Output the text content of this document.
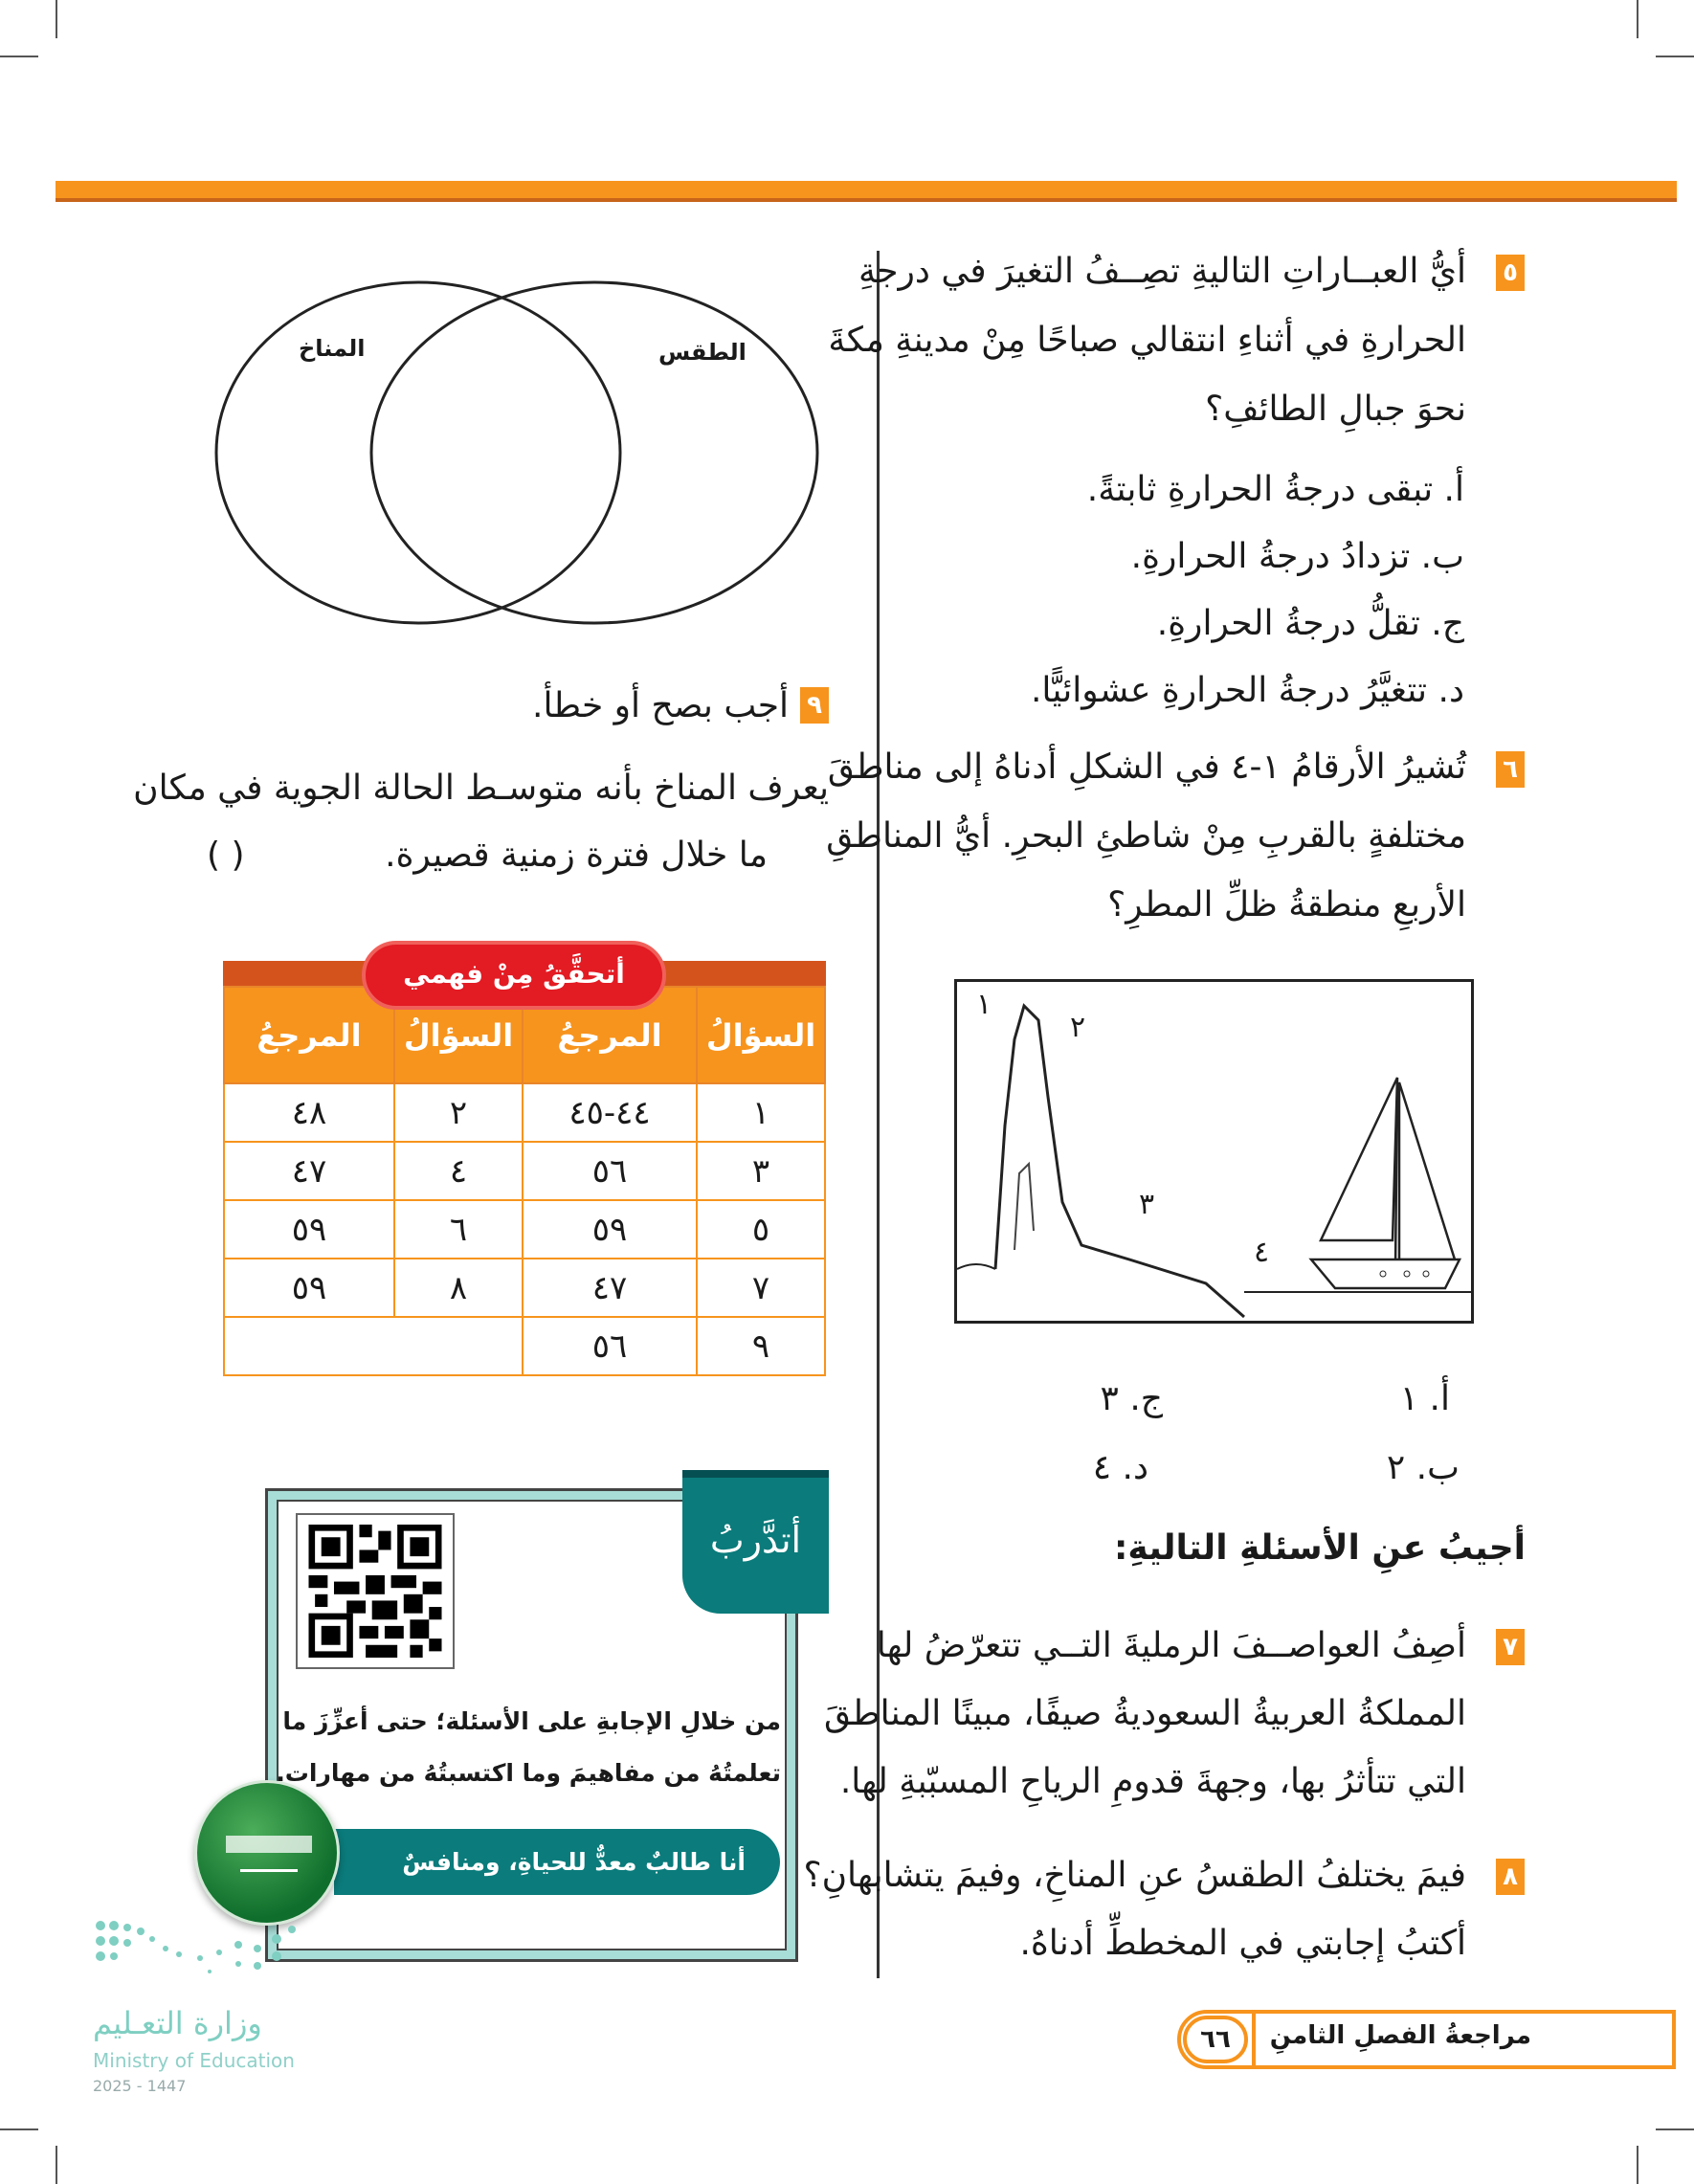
٥
أيُّ العبــاراتِ التاليةِ تصِــفُ التغيرَ في درجةِ
الحرارةِ في أثناءِ انتقالي صباحًا مِنْ مدينةِ مكةَ
نحوَ جبالِ الطائفِ؟
أ. تبقى درجةُ الحرارةِ ثابتةً.
ب. تزدادُ درجةُ الحرارةِ.
ج. تقلُّ درجةُ الحرارةِ.
د. تتغيَّرُ درجةُ الحرارةِ عشوائيًّا.
٦
تُشيرُ الأرقامُ ١-٤ في الشكلِ أدناهُ إلى مناطقَ
مختلفةٍ بالقربِ مِنْ شاطئِ البحرِ. أيُّ المناطقِ
الأربعِ منطقةُ ظلِّ المطرِ؟
١
٢
٣
٤
أ. ١
ج. ٣
ب. ٢
د. ٤
أجيبُ عنِ الأسئلةِ التاليةِ:
٧
أصِفُ العواصــفَ الرمليةَ التــي تتعرّضُ لها
المملكةُ العربيةُ السعوديةُ صيفًا، مبينًا المناطقَ
التي تتأثرُ بها، وجهةَ قدومِ الرياحِ المسبّبةِ لها.
٨
فيمَ يختلفُ الطقسُ عنِ المناخِ، وفيمَ يتشابهانِ؟
أكتبُ إجابتي في المخططِّ أدناهُ.
المناخ	الطقس
٩
أجب بصح أو خطأ.
يعرف المناخ بأنه متوسـط الحالة الجوية في مكان
ما خلال فترة زمنية قصيرة.
( )
السؤالُ	المرجعُ	السؤالُ	المرجعُ
١	٤٤-٤٥	٢	٤٨
٣	٥٦	٤	٤٧
٥	٥٩	٦	٥٩
٧	٤٧	٨	٥٩
٩	٥٦		
أتحقَّقُ مِنْ فهمي
أتدَّربُ
من خلالِ الإجابةِ على الأسئلة؛ حتى أعزِّزَ ما
تعلمتُهُ من مفاهيمَ وما اكتسبتُهُ من مهارات.
أنا طالبٌ معدٌّ للحياةِ، ومنافسٌ عالميًّا.
وزارة التعـليم
Ministry of Education
2025 - 1447
مراجعةُ الفصلِ الثامنِ
٦٦
